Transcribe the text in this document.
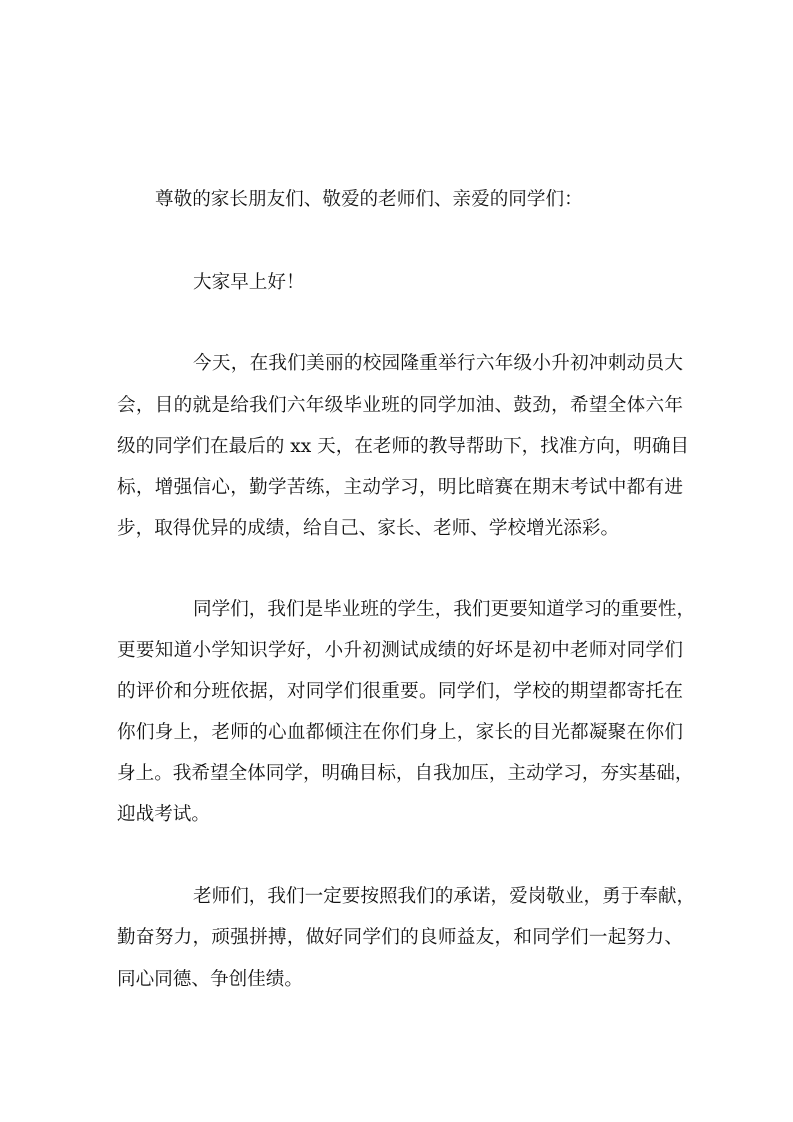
尊敬的家长朋友们、敬爱的老师们、亲爱的同学们：
大家早上好！
今天，在我们美丽的校园隆重举行六年级小升初冲刺动员大
会，目的就是给我们六年级毕业班的同学加油、鼓劲，希望全体六年
级的同学们在最后的 xx 天，在老师的教导帮助下，找准方向，明确目
标，增强信心，勤学苦练，主动学习，明比暗赛在期末考试中都有进
步，取得优异的成绩，给自己、家长、老师、学校增光添彩。
同学们，我们是毕业班的学生，我们更要知道学习的重要性，
更要知道小学知识学好，小升初测试成绩的好坏是初中老师对同学们
的评价和分班依据，对同学们很重要。同学们，学校的期望都寄托在
你们身上，老师的心血都倾注在你们身上，家长的目光都凝聚在你们
身上。我希望全体同学，明确目标，自我加压，主动学习，夯实基础，
迎战考试。
老师们，我们一定要按照我们的承诺，爱岗敬业，勇于奉献，
勤奋努力，顽强拼搏，做好同学们的良师益友，和同学们一起努力、
同心同德、争创佳绩。
